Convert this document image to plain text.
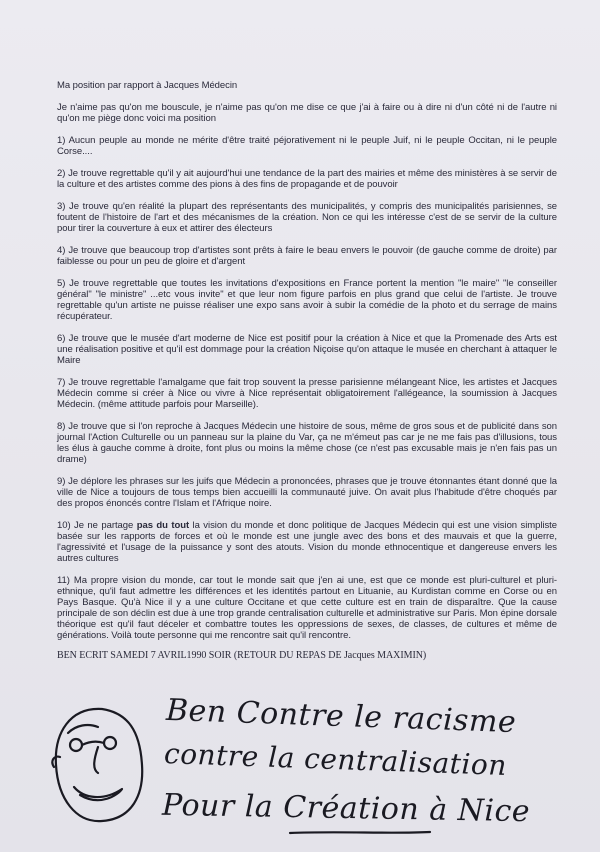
Ma position par rapport à Jacques Médecin

Je n'aime pas qu'on me bouscule, je n'aime pas qu'on me dise ce que j'ai à faire ou à dire ni d'un côté ni de l'autre ni qu'on me piège donc voici ma position

1) Aucun peuple au monde ne mérite d'être traité péjorativement ni le peuple Juif, ni le peuple Occitan, ni le peuple Corse....

2) Je trouve regrettable qu'il y ait aujourd'hui une tendance de la part des mairies et même des ministères à se servir de la culture et des artistes comme des pions à des fins de propagande et de pouvoir

3) Je trouve qu'en réalité la plupart des représentants des municipalités, y compris des municipalités parisiennes, se foutent de l'histoire de l'art et des mécanismes de la création. Non ce qui les intéresse c'est de se servir de la culture pour tirer la couverture à eux et attirer des électeurs

4) Je trouve que beaucoup trop d'artistes sont prêts à faire le beau envers le pouvoir (de gauche comme de droite) par faiblesse ou pour un peu de gloire et d'argent

5) Je trouve regrettable que toutes les invitations d'expositions en France portent la mention "le maire" "le conseiller général" "le ministre" ...etc vous invite" et que leur nom figure parfois en plus grand que celui de l'artiste. Je trouve regrettable qu'un artiste ne puisse réaliser une expo sans avoir à subir la comédie de la photo et du serrage de mains récupérateur.

6) Je trouve que le musée d'art moderne de Nice est positif pour la création à Nice et que la Promenade des Arts est une réalisation positive et qu'il est dommage pour la création Niçoise qu'on attaque le musée en cherchant à attaquer le Maire

7) Je trouve regrettable l'amalgame que fait trop souvent la presse parisienne mélangeant Nice, les artistes et Jacques Médecin comme si créer à Nice ou vivre à Nice représentait obligatoirement l'allégeance, la soumission à Jacques Médecin. (même attitude parfois pour Marseille).

8) Je trouve que si l'on reproche à Jacques Médecin une histoire de sous, même de gros sous et de publicité dans son journal l'Action Culturelle ou un panneau sur la plaine du Var, ça ne m'émeut pas car je ne me fais pas d'illusions, tous les élus à gauche comme à droite, font plus ou moins la même chose (ce n'est pas excusable mais je n'en fais pas un drame)

9) Je déplore les phrases sur les juifs que Médecin a prononcées, phrases que je trouve étonnantes étant donné que la ville de Nice a toujours de tous temps bien accueilli la communauté juive. On avait plus l'habitude d'être choqués par des propos énoncés contre l'Islam et l'Afrique noire.

10) Je ne partage pas du tout la vision du monde et donc politique de Jacques Médecin qui est une vision simpliste basée sur les rapports de forces et où le monde est une jungle avec des bons et des mauvais et que la guerre, l'agressivité et l'usage de la puissance y sont des atouts. Vision du monde ethnocentique et dangereuse envers les autres cultures

11) Ma propre vision du monde, car tout le monde sait que j'en ai une, est que ce monde est pluri-culturel et pluri- ethnique, qu'il faut admettre les différences et les identités partout en Lituanie, au Kurdistan comme en Corse ou en Pays Basque. Qu'à Nice il y a une culture Occitane et que cette culture est en train de disparaître. Que la cause principale de son déclin est due à une trop grande centralisation culturelle et administrative sur Paris. Mon épine dorsale théorique est qu'il faut déceler et combattre toutes les oppressions de sexes, de classes, de cultures et même de générations. Voilà toute personne qui me rencontre sait qu'il rencontre.

BEN ECRIT SAMEDI 7 AVRIL1990 SOIR (RETOUR DU REPAS DE Jacques MAXIMIN)

Ben Contre le racisme
contre la centralisation
Pour la Création à Nice
